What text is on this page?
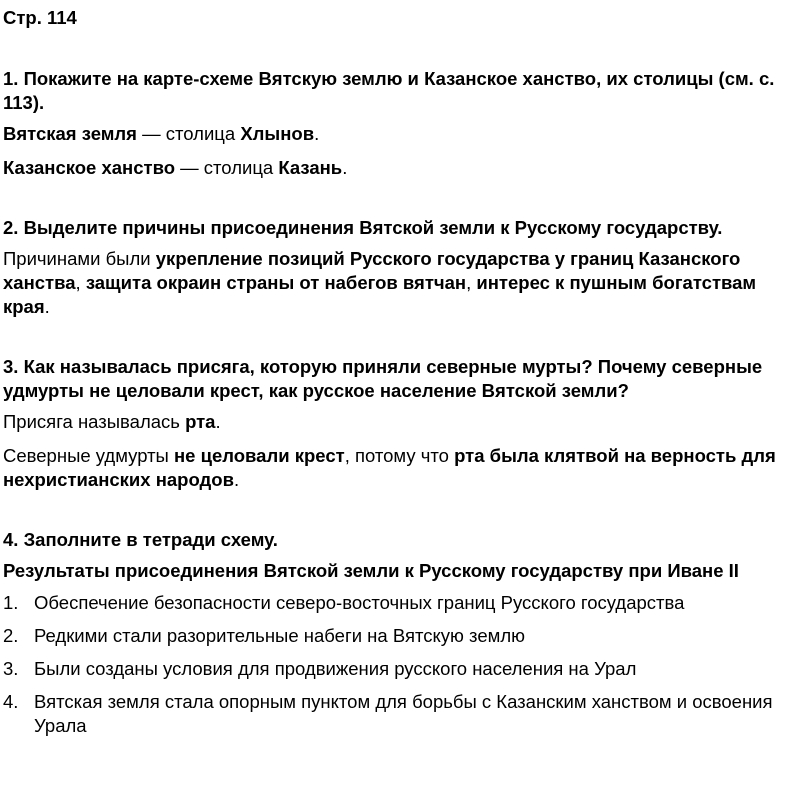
Стр. 114

1. Покажите на карте-схеме Вятскую землю и Казанское ханство, их столицы (см. с. 113).

Вятская земля — столица Хлынов.

Казанское ханство — столица Казань.

2. Выделите причины присоединения Вятской земли к Русскому государству.

Причинами были укрепление позиций Русского государства у границ Казанского ханства, защита окраин страны от набегов вятчан, интерес к пушным богатствам края.

3. Как называлась присяга, которую приняли северные мурты? Почему северные удмурты не целовали крест, как русское население Вятской земли?

Присяга называлась рта.

Северные удмурты не целовали крест, потому что рта была клятвой на верность для нехристианских народов.

4. Заполните в тетради схему.

Результаты присоединения Вятской земли к Русскому государству при Иване II

1. Обеспечение безопасности северо-восточных границ Русского государства
2. Редкими стали разорительные набеги на Вятскую землю
3. Были созданы условия для продвижения русского населения на Урал
4. Вятская земля стала опорным пунктом для борьбы с Казанским ханством и освоения Урала
